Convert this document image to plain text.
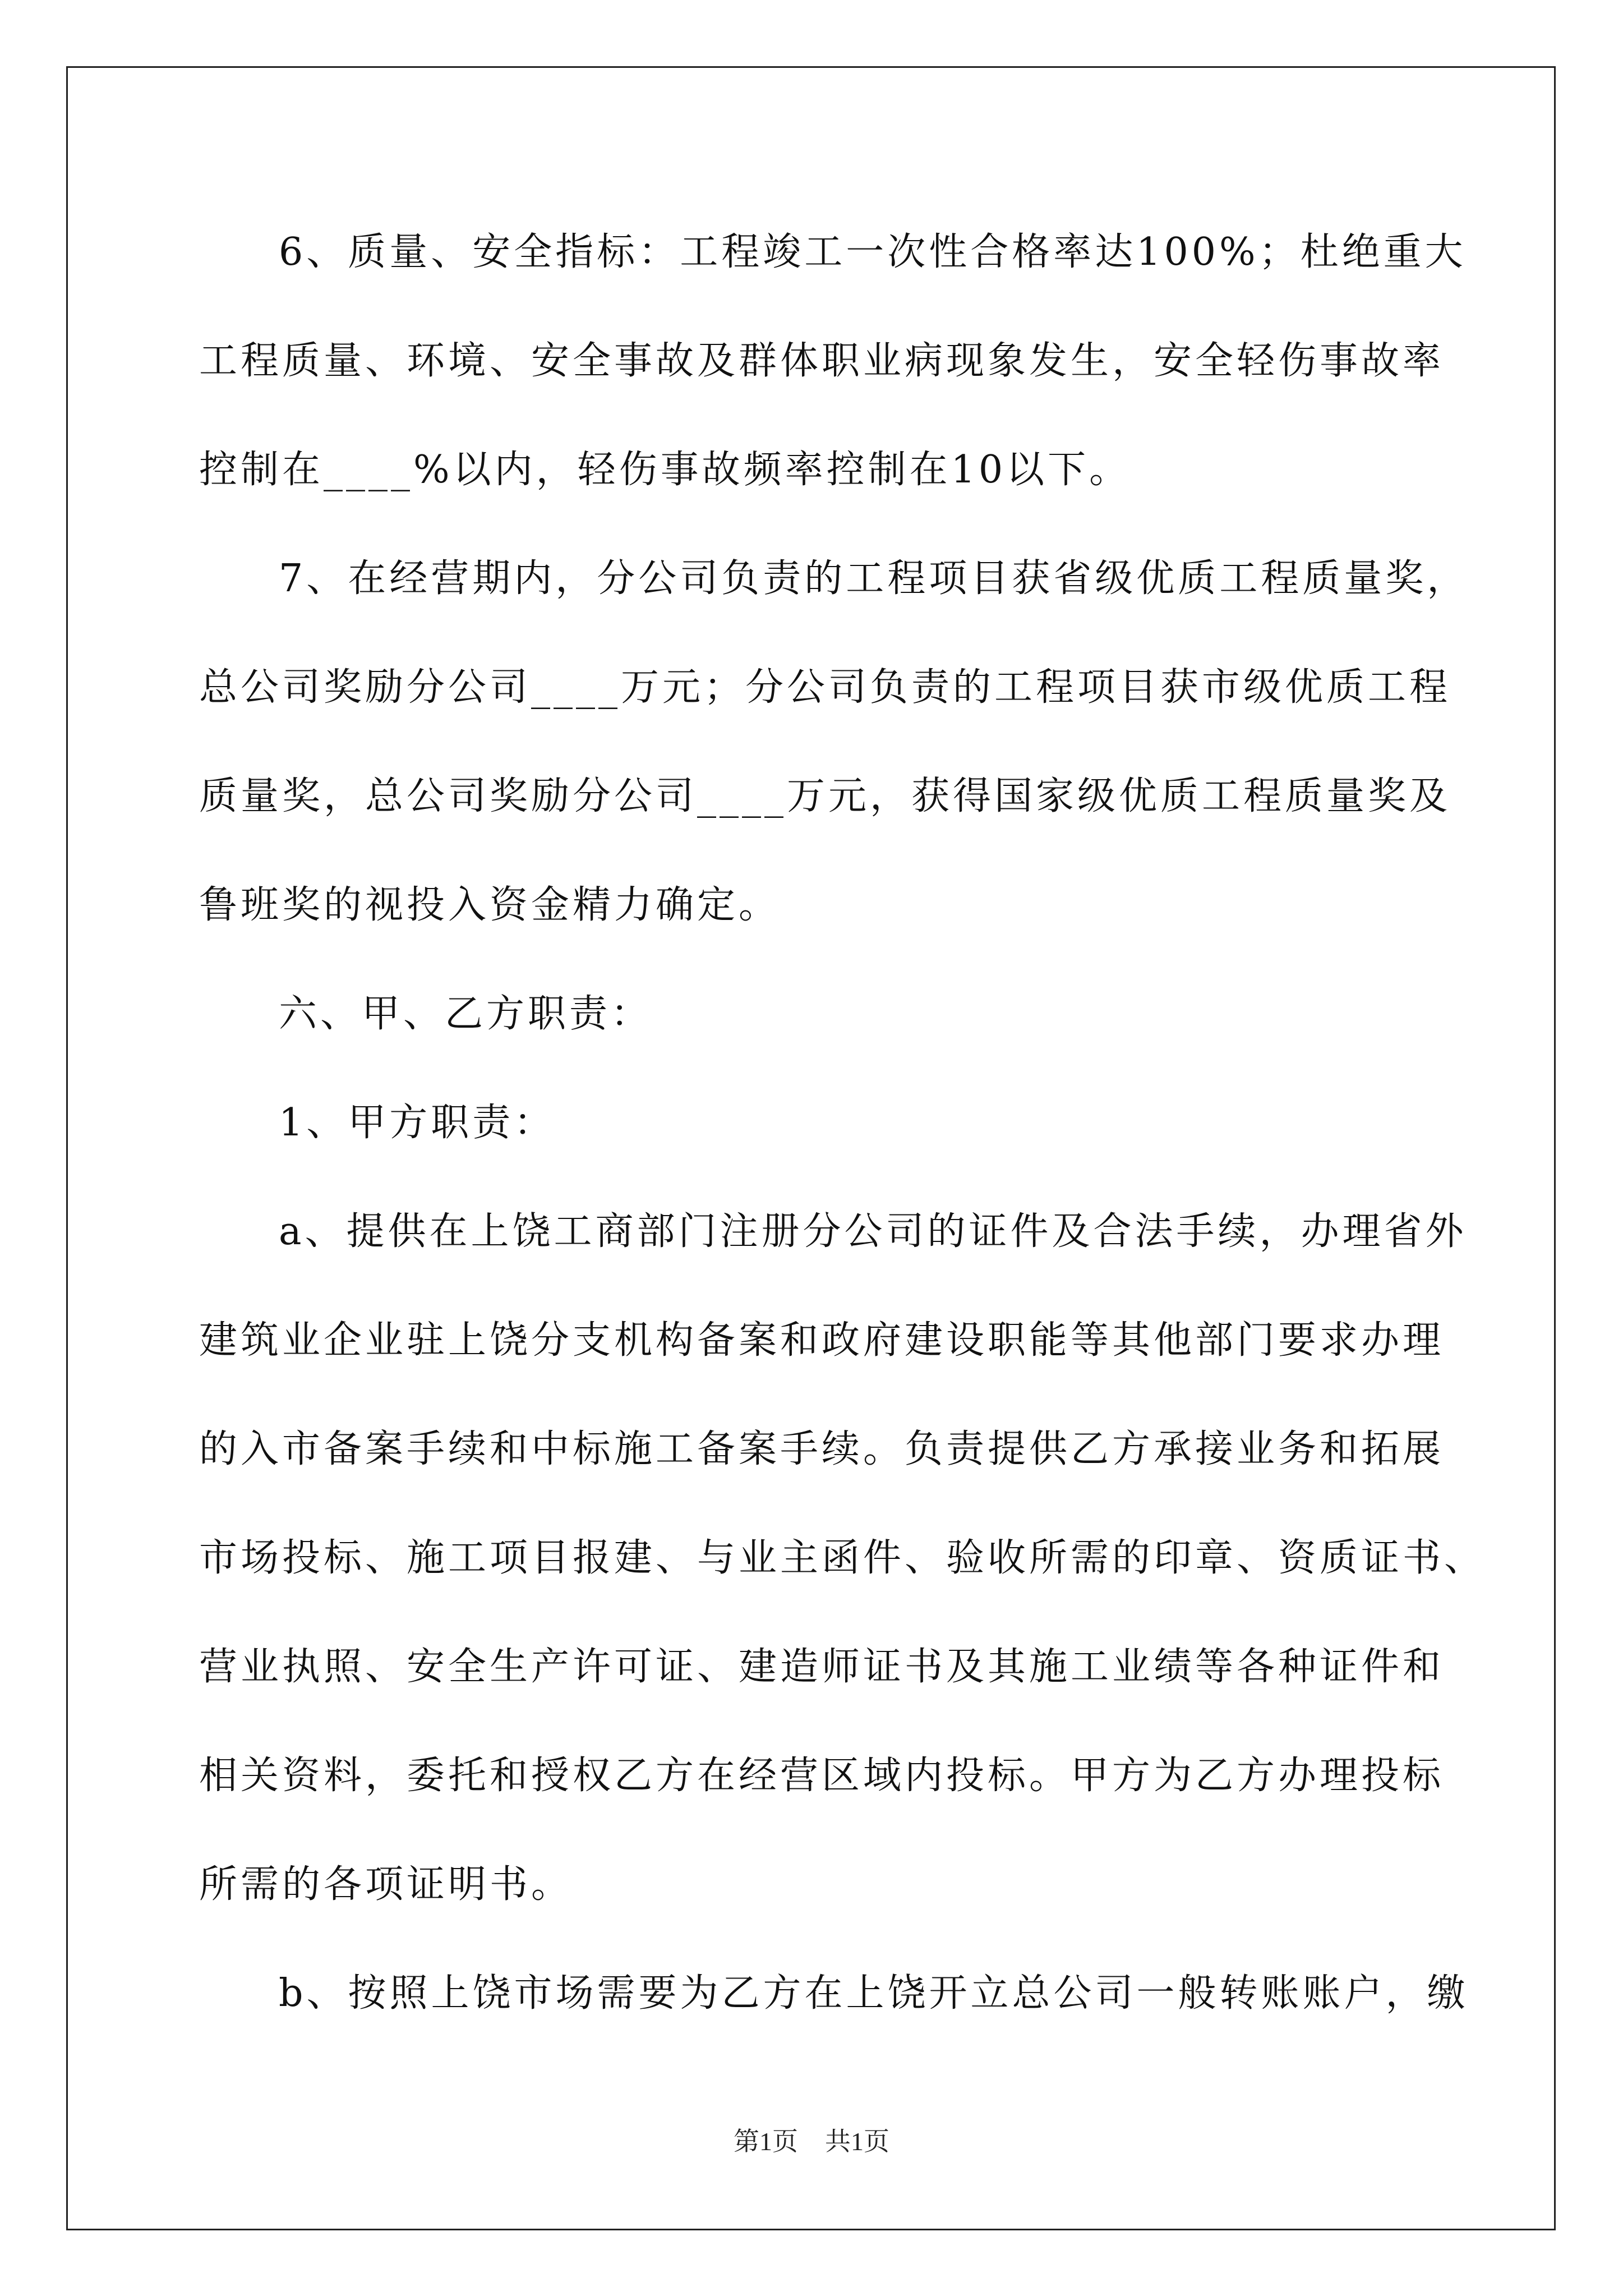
6、质量、安全指标：工程竣工一次性合格率达100%；杜绝重大
工程质量、环境、安全事故及群体职业病现象发生，安全轻伤事故率
控制在____%以内，轻伤事故频率控制在10以下。
7、在经营期内，分公司负责的工程项目获省级优质工程质量奖，
总公司奖励分公司____万元；分公司负责的工程项目获市级优质工程
质量奖，总公司奖励分公司____万元，获得国家级优质工程质量奖及
鲁班奖的视投入资金精力确定。
六、甲、乙方职责：
1、甲方职责：
a、提供在上饶工商部门注册分公司的证件及合法手续，办理省外
建筑业企业驻上饶分支机构备案和政府建设职能等其他部门要求办理
的入市备案手续和中标施工备案手续。负责提供乙方承接业务和拓展
市场投标、施工项目报建、与业主函件、验收所需的印章、资质证书、
营业执照、安全生产许可证、建造师证书及其施工业绩等各种证件和
相关资料，委托和授权乙方在经营区域内投标。甲方为乙方办理投标
所需的各项证明书。
b、按照上饶市场需要为乙方在上饶开立总公司一般转账账户，缴
第1页 共1页
